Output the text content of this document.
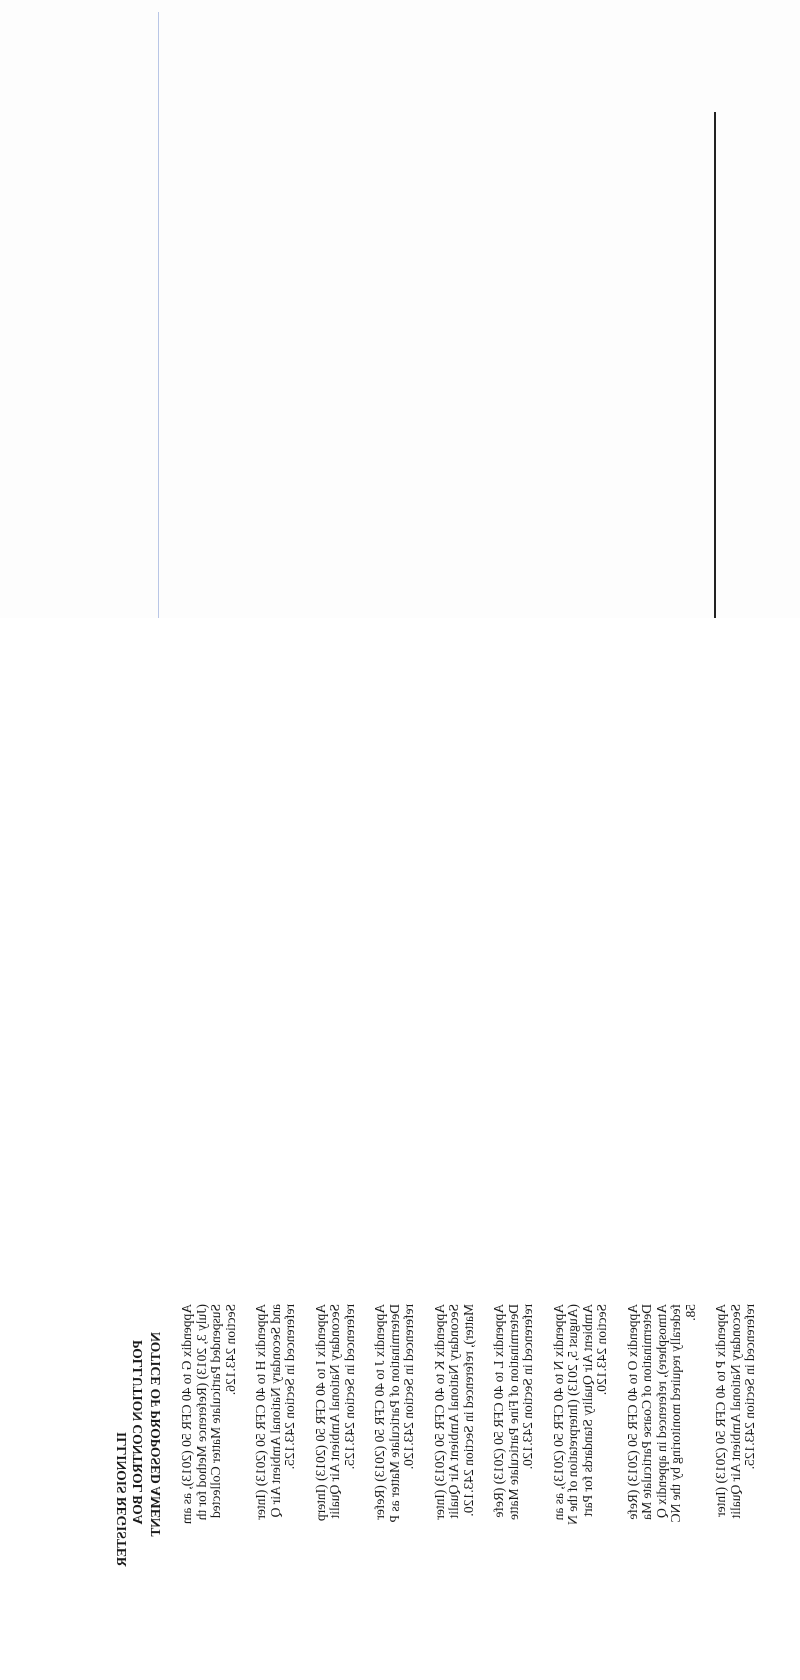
ILLINOIS REGISTER POLLUTION CONTROL BOA NOTICE OF PROPOSED AMENT Appendix G to 40 CFR 50 (2013), as am (July 3, 2013) (Reference Method for th Suspended Particulate Matter Collected Section 243.126. Appendix H to 40 CFR 50 (2013) (Inter and Secondary National Ambient Air Q referenced in Section 243.125. Appendix I to 40 CFR 50 (2013) (Interp Secondary National Ambient Air Qualit referenced in Section 243.125. Appendix J to 40 CFR 50 (2013) (Refer Determination of Particulate Matter as P referenced in Section 243.120. Appendix K to 40 CFR 50 (2013) (Inter Secondary National Ambient Air Qualit Matter), referenced in Section 243.120. Appendix L to 40 CFR 50 (2013) (Refe Determination of Fine Particulate Matte referenced in Section 243.120. Appendix N to 40 CFR 50 (2013), as an (August 5, 2013) (Interpretation of the N Ambient Air Quality Standards for Part Section 243.120. Appendix O to 40 CFR 50 (2013) (Refe Determination of Coarse Particulate Ma Atmosphere), referenced in appendix Q federally required monitoring by the NC 58. Appendix P to 40 CFR 50 (2013) (Inter Secondary National Ambient Air Qualit referenced in Section 243.125.
